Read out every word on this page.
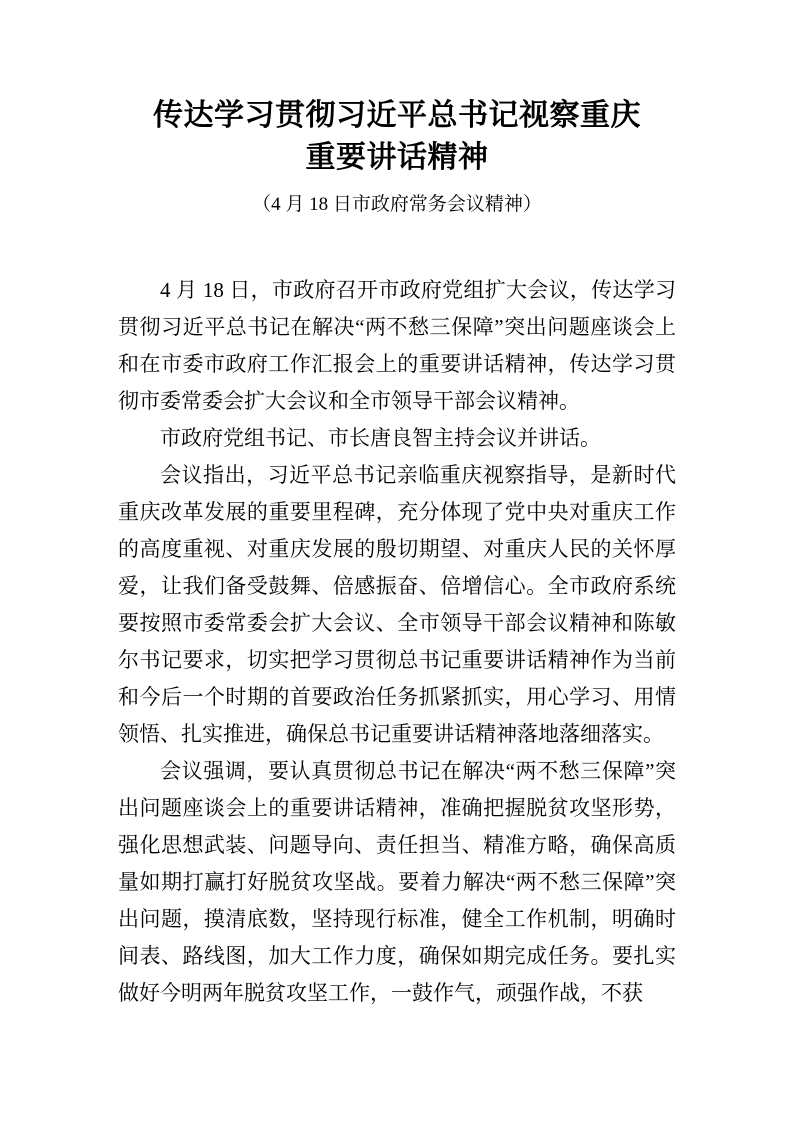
传达学习贯彻习近平总书记视察重庆
重要讲话精神
（4 月 18 日市政府常务会议精神）

4 月 18 日，市政府召开市政府党组扩大会议，传达学习贯彻习近平总书记在解决“两不愁三保障”突出问题座谈会上和在市委市政府工作汇报会上的重要讲话精神，传达学习贯彻市委常委会扩大会议和全市领导干部会议精神。

市政府党组书记、市长唐良智主持会议并讲话。

会议指出，习近平总书记亲临重庆视察指导，是新时代重庆改革发展的重要里程碑，充分体现了党中央对重庆工作的高度重视、对重庆发展的殷切期望、对重庆人民的关怀厚爱，让我们备受鼓舞、倍感振奋、倍增信心。全市政府系统要按照市委常委会扩大会议、全市领导干部会议精神和陈敏尔书记要求，切实把学习贯彻总书记重要讲话精神作为当前和今后一个时期的首要政治任务抓紧抓实，用心学习、用情领悟、扎实推进，确保总书记重要讲话精神落地落细落实。

会议强调，要认真贯彻总书记在解决“两不愁三保障”突出问题座谈会上的重要讲话精神，准确把握脱贫攻坚形势，强化思想武装、问题导向、责任担当、精准方略，确保高质量如期打赢打好脱贫攻坚战。要着力解决“两不愁三保障”突出问题，摸清底数，坚持现行标准，健全工作机制，明确时间表、路线图，加大工作力度，确保如期完成任务。要扎实做好今明两年脱贫攻坚工作，一鼓作气，顽强作战，不获
